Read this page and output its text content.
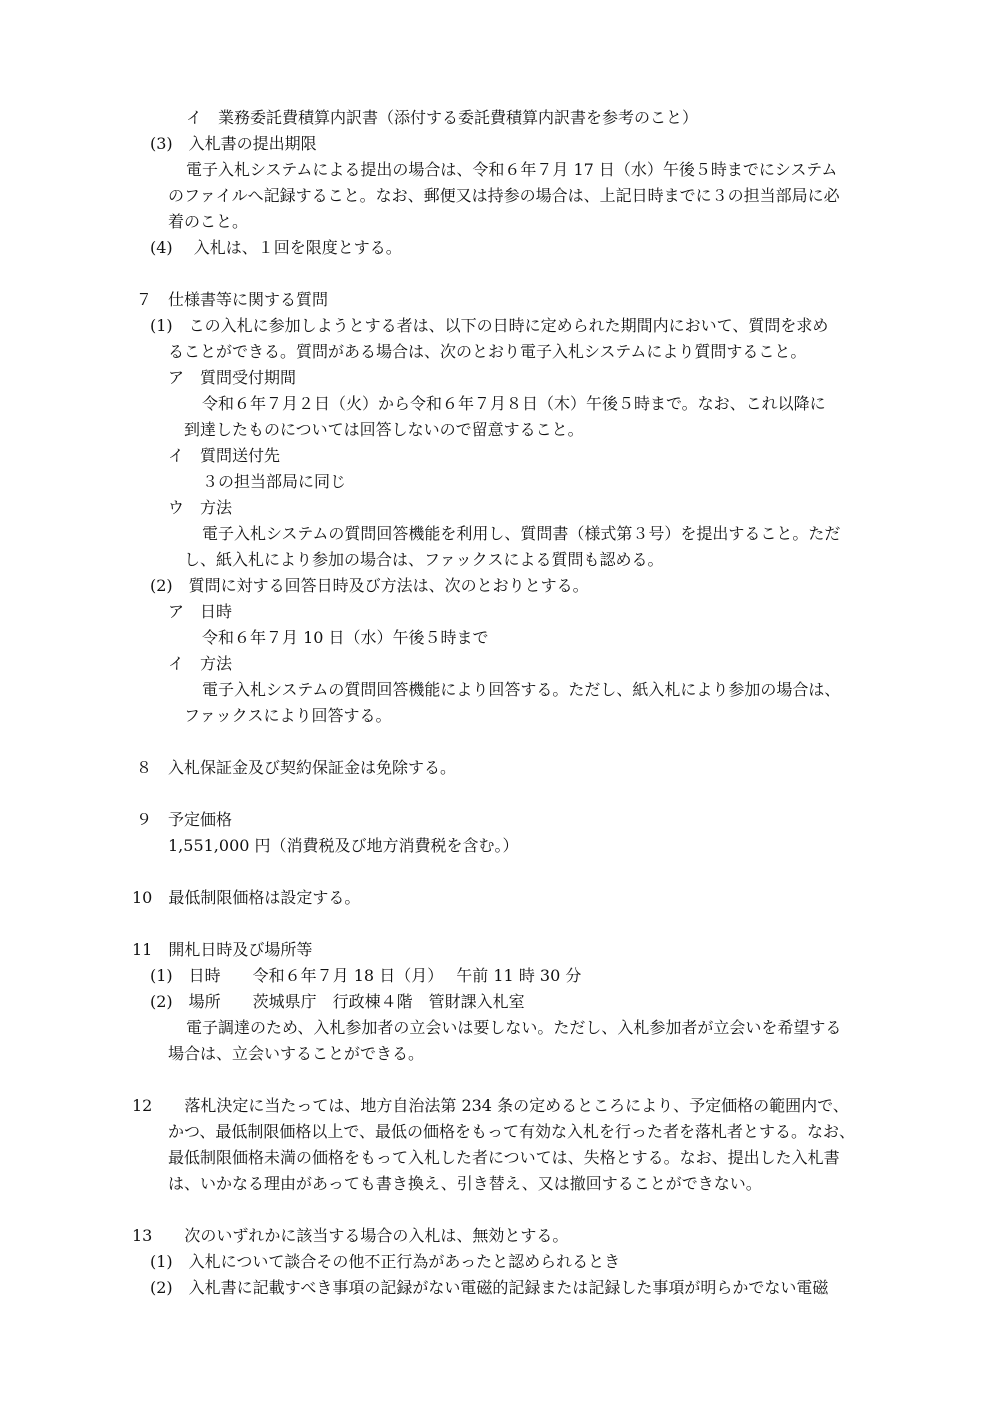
イ　業務委託費積算内訳書（添付する委託費積算内訳書を参考のこと）
(3)　入札書の提出期限
電子入札システムによる提出の場合は、令和６年７月 17 日（水）午後５時までにシステム
のファイルへ記録すること。なお、郵便又は持参の場合は、上記日時までに３の担当部局に必
着のこと。
(4)　 入札は、１回を限度とする。
７　仕様書等に関する質問
(1)　この入札に参加しようとする者は、以下の日時に定められた期間内において、質問を求め
ることができる。質問がある場合は、次のとおり電子入札システムにより質問すること。
ア　質問受付期間
令和６年７月２日（火）から令和６年７月８日（木）午後５時まで。なお、これ以降に
到達したものについては回答しないので留意すること。
イ　質問送付先
３の担当部局に同じ
ウ　方法
電子入札システムの質問回答機能を利用し、質問書（様式第３号）を提出すること。ただ
し、紙入札により参加の場合は、ファックスによる質問も認める。
(2)　質問に対する回答日時及び方法は、次のとおりとする。
ア　日時
令和６年７月 10 日（水）午後５時まで
イ　方法
電子入札システムの質問回答機能により回答する。ただし、紙入札により参加の場合は、
ファックスにより回答する。
８　入札保証金及び契約保証金は免除する。
９　予定価格
1,551,000 円（消費税及び地方消費税を含む。）
10　最低制限価格は設定する。
11　開札日時及び場所等
(1)　日時　　令和６年７月 18 日（月）　 午前 11 時 30 分
(2)　場所　　茨城県庁　行政棟４階　管財課入札室
電子調達のため、入札参加者の立会いは要しない。ただし、入札参加者が立会いを希望する
場合は、立会いすることができる。
12　　落札決定に当たっては、地方自治法第 234 条の定めるところにより、予定価格の範囲内で、
かつ、最低制限価格以上で、最低の価格をもって有効な入札を行った者を落札者とする。なお、
最低制限価格未満の価格をもって入札した者については、失格とする。なお、提出した入札書
は、いかなる理由があっても書き換え、引き替え、又は撤回することができない。
13　　次のいずれかに該当する場合の入札は、無効とする。
(1)　入札について談合その他不正行為があったと認められるとき
(2)　入札書に記載すべき事項の記録がない電磁的記録または記録した事項が明らかでない電磁
